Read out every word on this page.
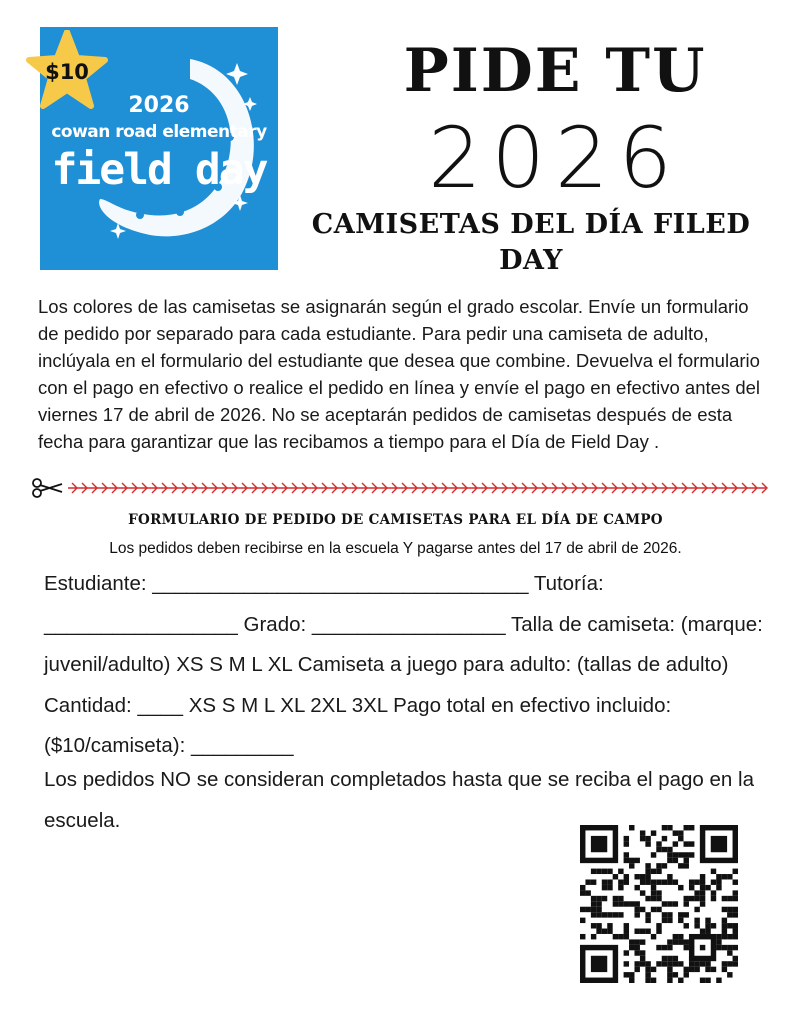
2026
cowan road elementary
field day
$10	PIDE TU
2026
CAMISETAS DEL DÍA FILED DAY
Los colores de las camisetas se asignarán según el grado escolar. Envíe un formulario de pedido por separado para cada estudiante. Para pedir una camiseta de adulto, inclúyala en el formulario del estudiante que desea que combine. Devuelva el formulario con el pago en efectivo o realice el pedido en línea y envíe el pago en efectivo antes del viernes 17 de abril de 2026. No se aceptarán pedidos de camisetas después de esta fecha para garantizar que las recibamos a tiempo para el Día de Field Day .
FORMULARIO DE PEDIDO DE CAMISETAS PARA EL DÍA DE CAMPO
Los pedidos deben recibirse en la escuela Y pagarse antes del 17 de abril de 2026.
Estudiante: _________________________________ Tutoría: _________________ Grado: _________________ Talla de camiseta: (marque: juvenil/adulto) XS S M L XL Camiseta a juego para adulto: (tallas de adulto) Cantidad: ____ XS S M L XL 2XL 3XL Pago total en efectivo incluido: ($10/camiseta): _________
Los pedidos NO se consideran completados hasta que se reciba el pago en la escuela.
